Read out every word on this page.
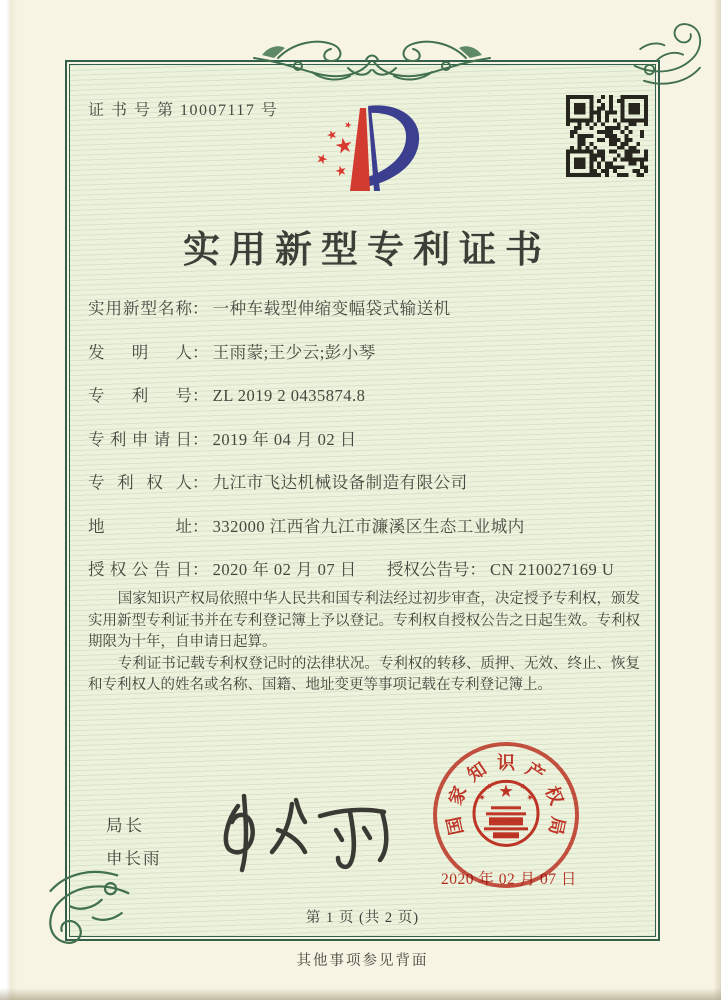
证 书 号 第 10007117 号
实用新型专利证书
实用新型名称： 一种车载型伸缩变幅袋式输送机
发明人： 王雨蒙;王少云;彭小琴
专利号： ZL 2019 2 0435874.8
专利申请日： 2019 年 04 月 02 日
专利权人： 九江市飞达机械设备制造有限公司
地址： 332000 江西省九江市濂溪区生态工业城内
授权公告日： 2020 年 02 月 07 日 授权公告号： CN 210027169 U

国家知识产权局依照中华人民共和国专利法经过初步审查，决定授予专利权，颁发实用新型专利证书并在专利登记簿上予以登记。专利权自授权公告之日起生效。专利权期限为十年，自申请日起算。

专利证书记载专利权登记时的法律状况。专利权的转移、质押、无效、终止、恢复和专利权人的姓名或名称、国籍、地址变更等事项记载在专利登记簿上。

局长
申长雨
国
家
知 识 产
权
局
2020 年 02 月 07 日
第 1 页 (共 2 页)
其他事项参见背面
